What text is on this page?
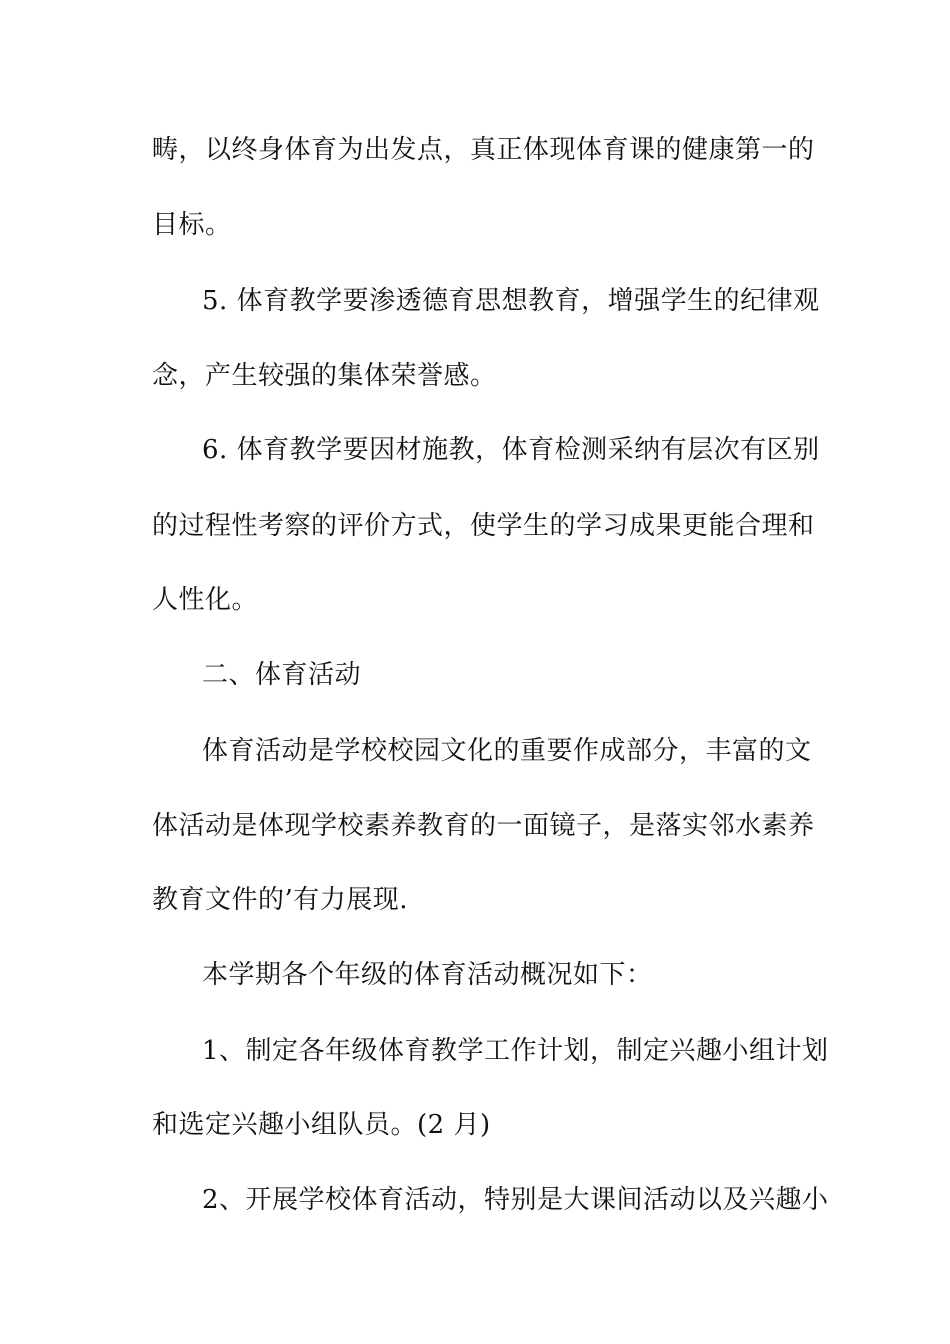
畴，以终身体育为出发点，真正体现体育课的健康第一的
目标。
5. 体育教学要渗透德育思想教育，增强学生的纪律观
念，产生较强的集体荣誉感。
6. 体育教学要因材施教，体育检测采纳有层次有区别
的过程性考察的评价方式，使学生的学习成果更能合理和
人性化。
二、体育活动
体育活动是学校校园文化的重要作成部分，丰富的文
体活动是体现学校素养教育的一面镜子，是落实邻水素养
教育文件的’有力展现.
本学期各个年级的体育活动概况如下：
1、制定各年级体育教学工作计划，制定兴趣小组计划
和选定兴趣小组队员。(2 月)
2、开展学校体育活动，特别是大课间活动以及兴趣小
